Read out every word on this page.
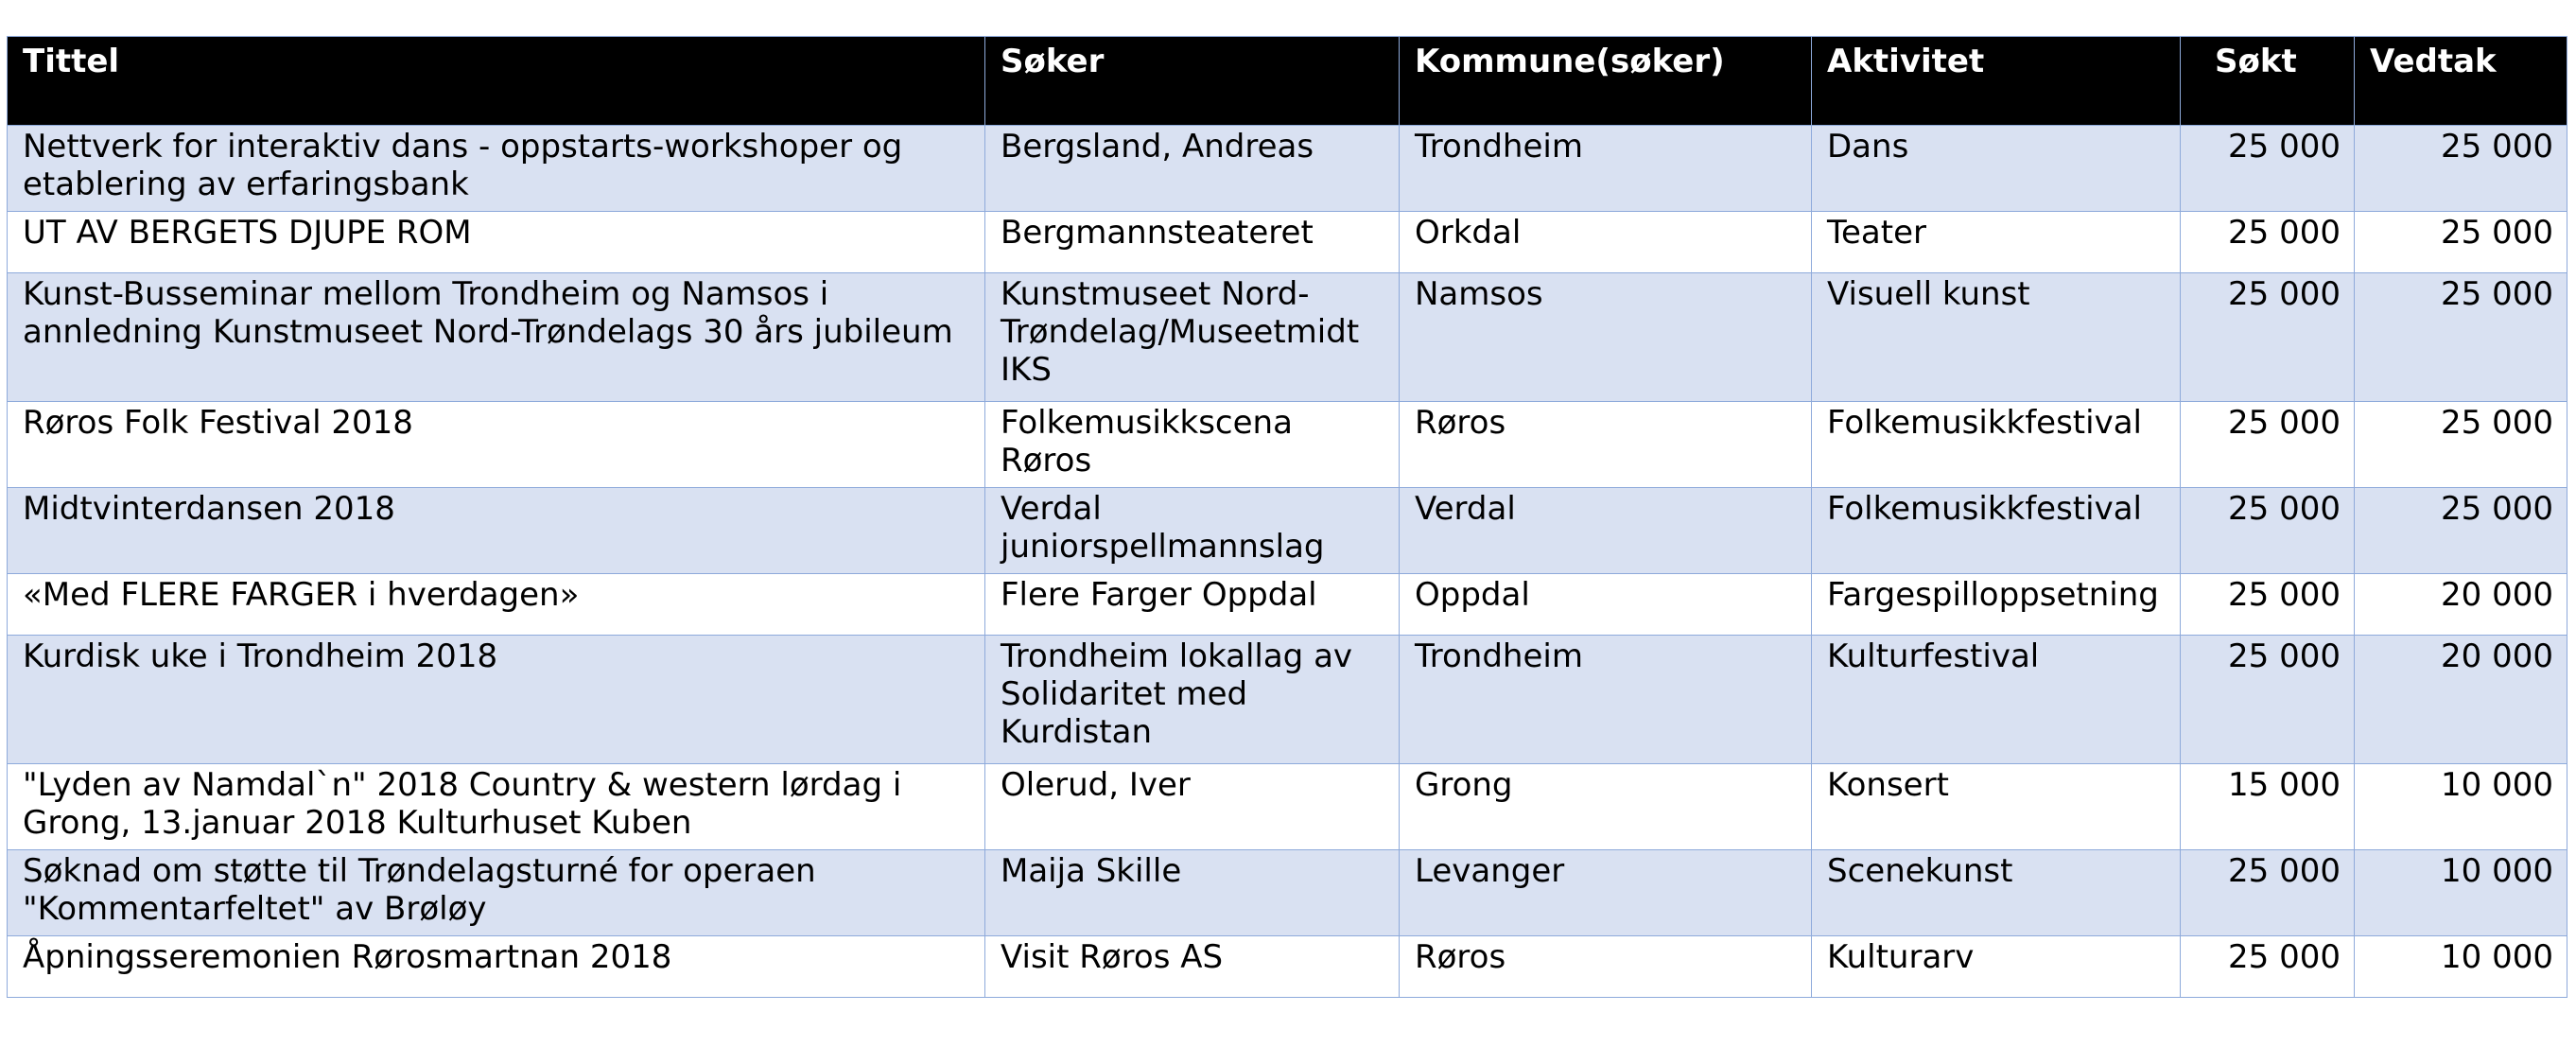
Tittel	Søker	Kommune(søker)	Aktivitet	Søkt	Vedtak
Nettverk for interaktiv dans - oppstarts-workshoper og etablering av erfaringsbank	Bergsland, Andreas	Trondheim	Dans	25 000	25 000
UT AV BERGETS DJUPE ROM	Bergmannsteateret	Orkdal	Teater	25 000	25 000
Kunst-Busseminar mellom Trondheim og Namsos i annledning Kunstmuseet Nord-Trøndelags 30 års jubileum	Kunstmuseet Nord-Trøndelag/Museetmidt IKS	Namsos	Visuell kunst	25 000	25 000
Røros Folk Festival 2018	Folkemusikkscena Røros	Røros	Folkemusikkfestival	25 000	25 000
Midtvinterdansen 2018	Verdal juniorspellmannslag	Verdal	Folkemusikkfestival	25 000	25 000
«Med FLERE FARGER i hverdagen»	Flere Farger Oppdal	Oppdal	Fargespilloppsetning	25 000	20 000
Kurdisk uke i Trondheim 2018	Trondheim lokallag av Solidaritet med Kurdistan	Trondheim	Kulturfestival	25 000	20 000
"Lyden av Namdal`n" 2018 Country & western lørdag i Grong, 13.januar 2018 Kulturhuset Kuben	Olerud, Iver	Grong	Konsert	15 000	10 000
Søknad om støtte til Trøndelagsturné for operaen "Kommentarfeltet" av Brøløy	Maija Skille	Levanger	Scenekunst	25 000	10 000
Åpningsseremonien Rørosmartnan 2018	Visit Røros AS	Røros	Kulturarv	25 000	10 000
